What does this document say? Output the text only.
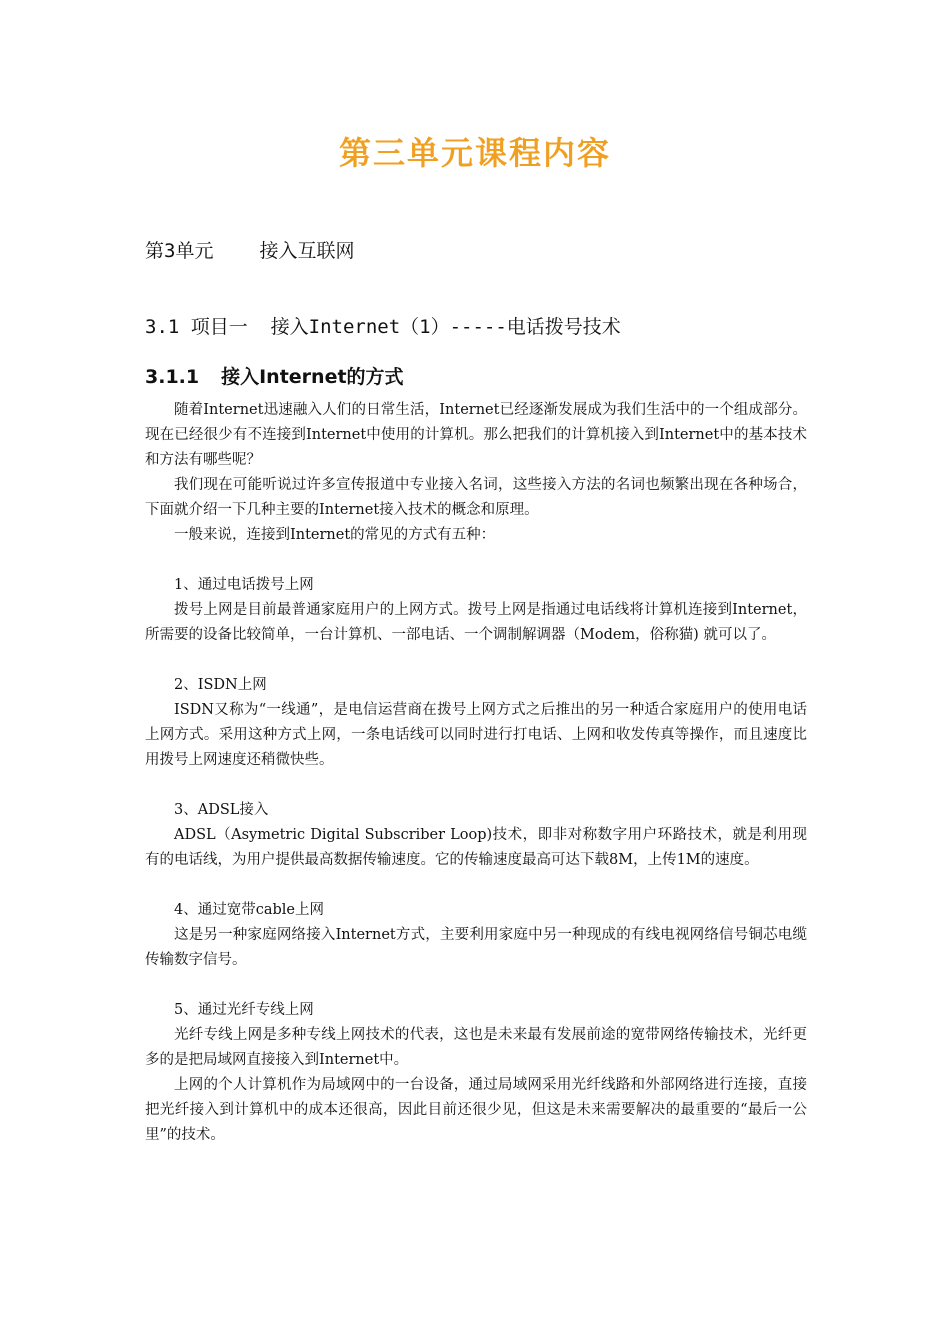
第三单元课程内容
第3单元 接入互联网
3.1 项目一  接入Internet（1）-----电话拨号技术
3.1.1 接入Internet的方式

随着Internet迅速融入人们的日常生活，Internet已经逐渐发展成为我们生活中的一个组成部分。现在已经很少有不连接到Internet中使用的计算机。那么把我们的计算机接入到Internet中的基本技术和方法有哪些呢？

我们现在可能听说过许多宣传报道中专业接入名词，这些接入方法的名词也频繁出现在各种场合，下面就介绍一下几种主要的Internet接入技术的概念和原理。

一般来说，连接到Internet的常见的方式有五种：

1、通过电话拨号上网

拨号上网是目前最普通家庭用户的上网方式。拨号上网是指通过电话线将计算机连接到Internet，所需要的设备比较简单，一台计算机、一部电话、一个调制解调器（Modem，俗称猫) 就可以了。

2、ISDN上网

ISDN又称为“一线通”，是电信运营商在拨号上网方式之后推出的另一种适合家庭用户的使用电话上网方式。采用这种方式上网，一条电话线可以同时进行打电话、上网和收发传真等操作，而且速度比用拨号上网速度还稍微快些。

3、ADSL接入

ADSL（Asymetric Digital Subscriber Loop)技术，即非对称数字用户环路技术，就是利用现有的电话线，为用户提供最高数据传输速度。它的传输速度最高可达下载8M，上传1M的速度。

4、通过宽带cable上网

这是另一种家庭网络接入Internet方式，主要利用家庭中另一种现成的有线电视网络信号铜芯电缆传输数字信号。

5、通过光纤专线上网

光纤专线上网是多种专线上网技术的代表，这也是未来最有发展前途的宽带网络传输技术，光纤更多的是把局域网直接接入到Internet中。

上网的个人计算机作为局域网中的一台设备，通过局域网采用光纤线路和外部网络进行连接，直接把光纤接入到计算机中的成本还很高，因此目前还很少见，但这是未来需要解决的最重要的“最后一公里”的技术。
